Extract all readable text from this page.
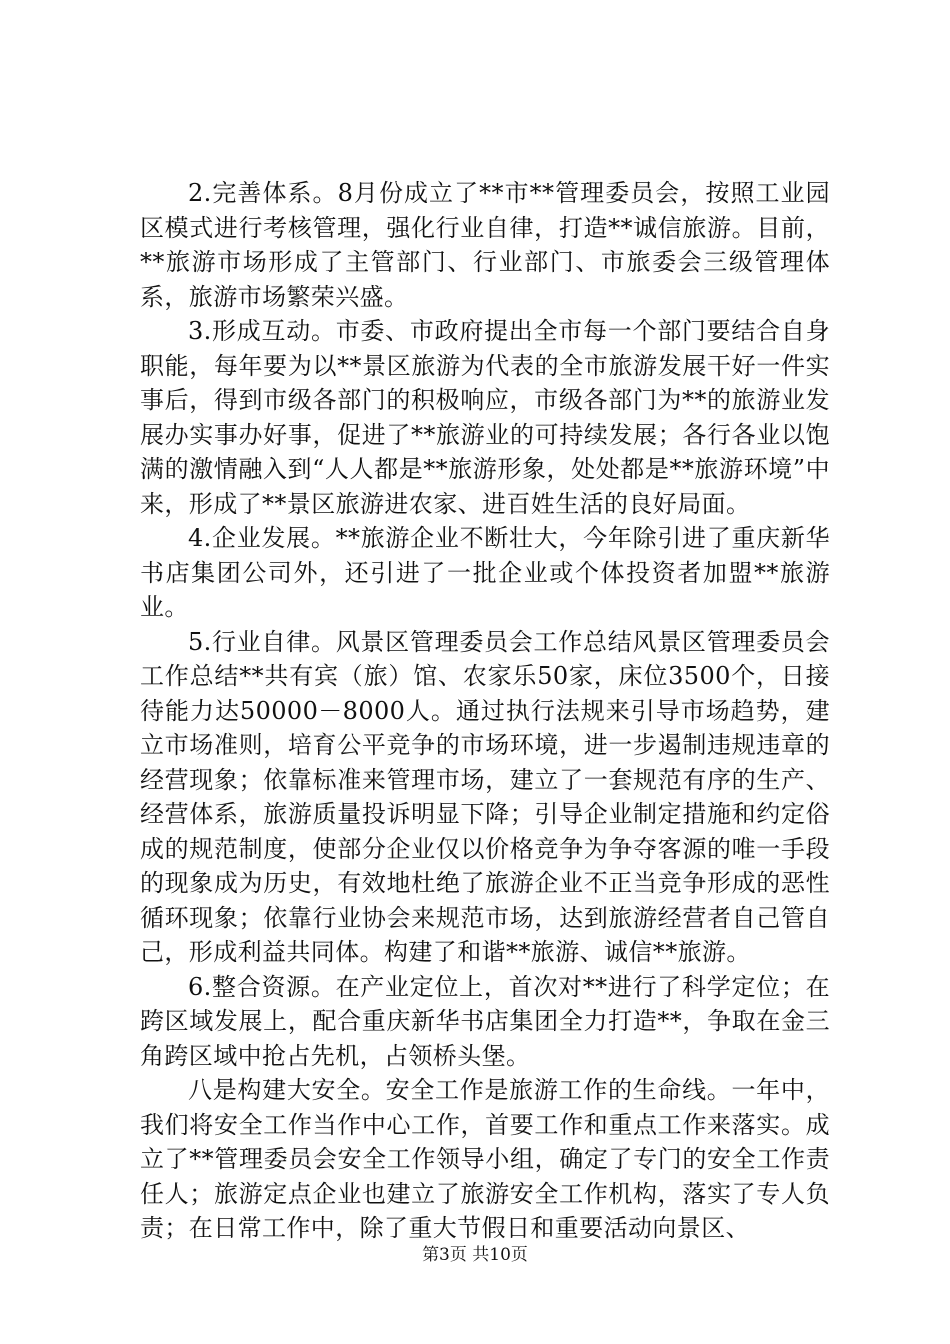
2.完善体系。8月份成立了**市**管理委员会，按照工业园区模式进行考核管理，强化行业自律，打造**诚信旅游。目前，**旅游市场形成了主管部门、行业部门、市旅委会三级管理体系，旅游市场繁荣兴盛。

3.形成互动。市委、市政府提出全市每一个部门要结合自身职能，每年要为以**景区旅游为代表的全市旅游发展干好一件实事后，得到市级各部门的积极响应，市级各部门为**的旅游业发展办实事办好事，促进了**旅游业的可持续发展；各行各业以饱满的激情融入到“人人都是**旅游形象，处处都是**旅游环境”中来，形成了**景区旅游进农家、进百姓生活的良好局面。

4.企业发展。**旅游企业不断壮大，今年除引进了重庆新华书店集团公司外，还引进了一批企业或个体投资者加盟**旅游业。

5.行业自律。风景区管理委员会工作总结风景区管理委员会工作总结**共有宾（旅）馆、农家乐50家，床位3500个，日接待能力达50000－8000人。通过执行法规来引导市场趋势，建立市场准则，培育公平竞争的市场环境，进一步遏制违规违章的经营现象；依靠标准来管理市场，建立了一套规范有序的生产、经营体系，旅游质量投诉明显下降；引导企业制定措施和约定俗成的规范制度，使部分企业仅以价格竞争为争夺客源的唯一手段的现象成为历史，有效地杜绝了旅游企业不正当竞争形成的恶性循环现象；依靠行业协会来规范市场，达到旅游经营者自己管自己，形成利益共同体。构建了和谐**旅游、诚信**旅游。

6.整合资源。在产业定位上，首次对**进行了科学定位；在跨区域发展上，配合重庆新华书店集团全力打造**，争取在金三角跨区域中抢占先机，占领桥头堡。

八是构建大安全。安全工作是旅游工作的生命线。一年中，我们将安全工作当作中心工作，首要工作和重点工作来落实。成立了**管理委员会安全工作领导小组，确定了专门的安全工作责任人；旅游定点企业也建立了旅游安全工作机构，落实了专人负责；在日常工作中，除了重大节假日和重要活动向景区、

第3页 共10页
